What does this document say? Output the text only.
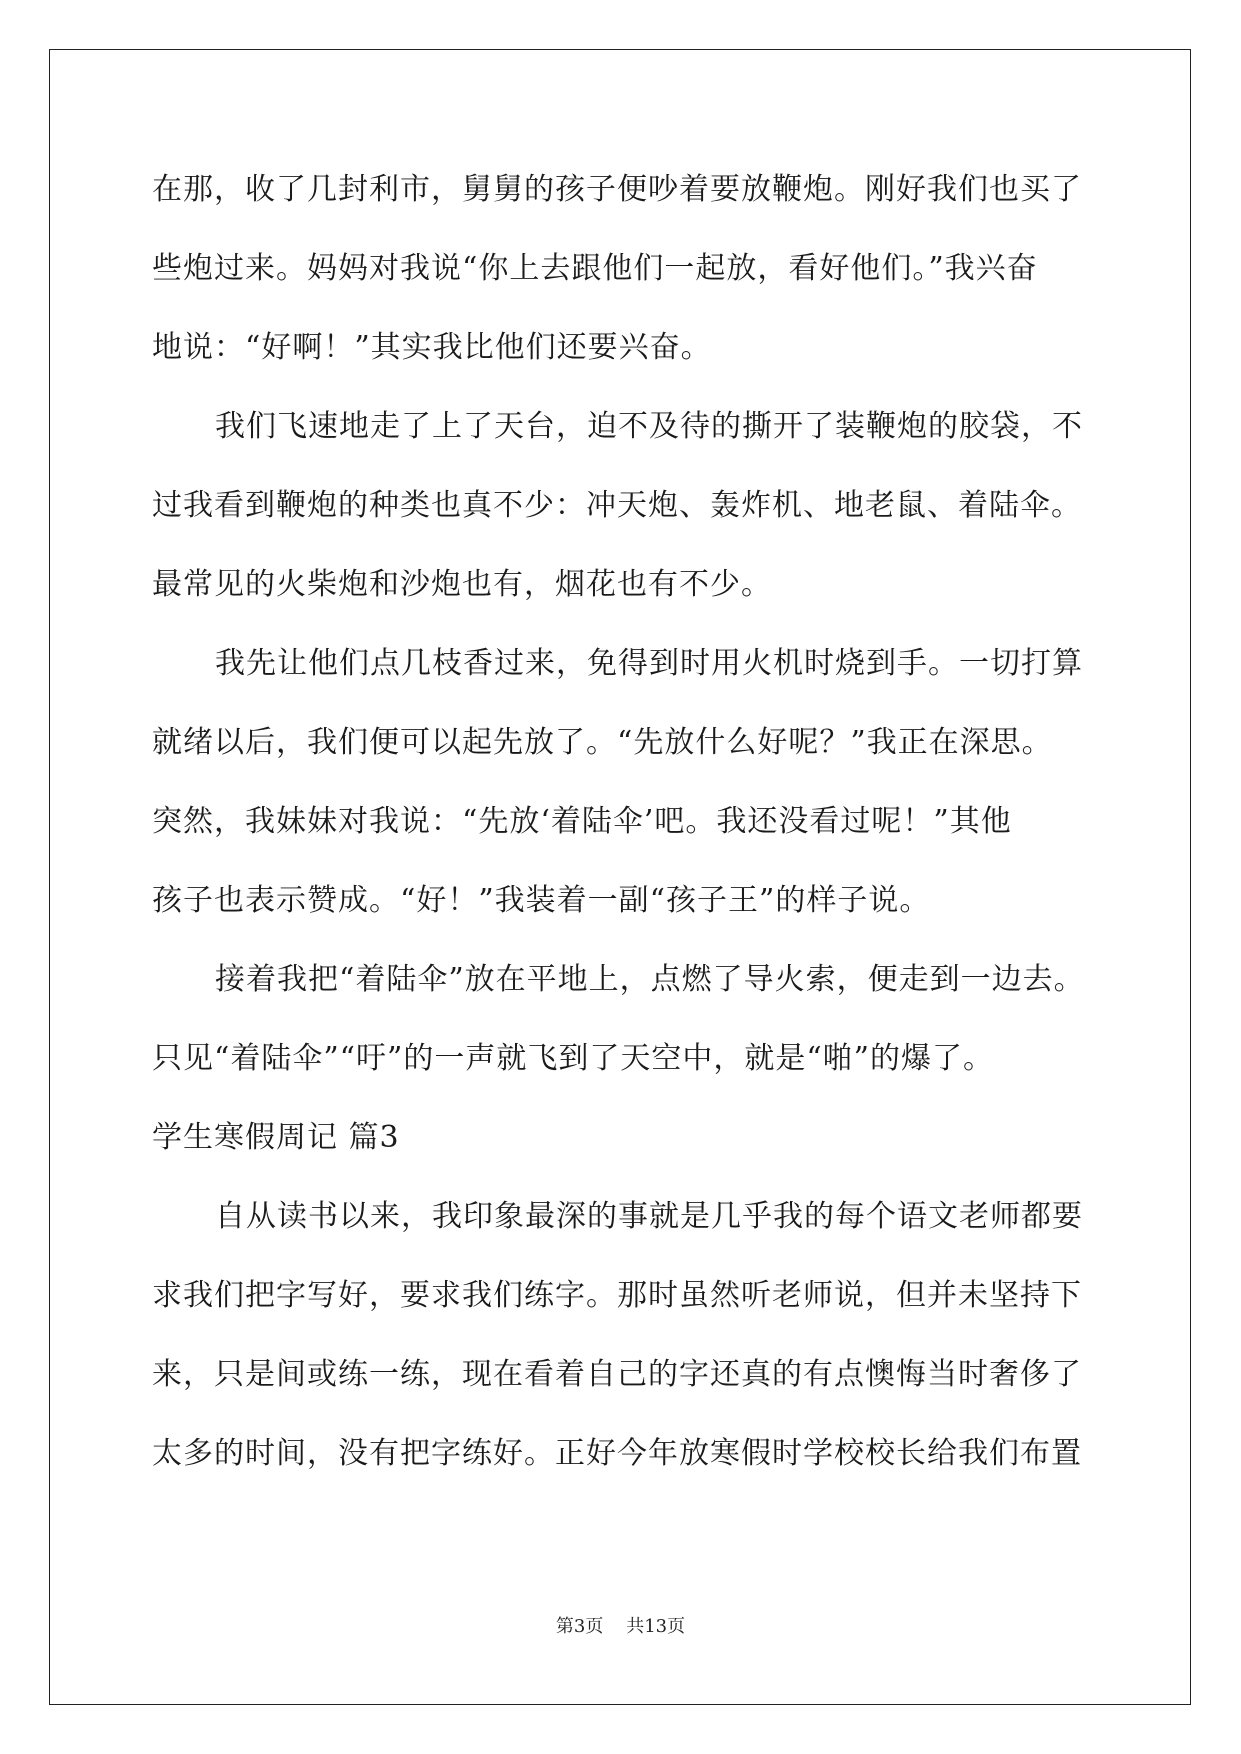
在那，收了几封利市，舅舅的孩子便吵着要放鞭炮。刚好我们也买了
些炮过来。妈妈对我说“你上去跟他们一起放，看好他们。”我兴奋
地说：“好啊！”其实我比他们还要兴奋。
我们飞速地走了上了天台，迫不及待的撕开了装鞭炮的胶袋，不
过我看到鞭炮的种类也真不少：冲天炮、轰炸机、地老鼠、着陆伞。
最常见的火柴炮和沙炮也有，烟花也有不少。
我先让他们点几枝香过来，免得到时用火机时烧到手。一切打算
就绪以后，我们便可以起先放了。“先放什么好呢？”我正在深思。
突然，我妹妹对我说：“先放‘着陆伞’吧。我还没看过呢！”其他
孩子也表示赞成。“好！”我装着一副“孩子王”的样子说。
接着我把“着陆伞”放在平地上，点燃了导火索，便走到一边去。
只见“着陆伞”“吁”的一声就飞到了天空中，就是“啪”的爆了。
学生寒假周记 篇3
自从读书以来，我印象最深的事就是几乎我的每个语文老师都要
求我们把字写好，要求我们练字。那时虽然听老师说，但并未坚持下
来，只是间或练一练，现在看着自己的字还真的有点懊悔当时奢侈了
太多的时间，没有把字练好。正好今年放寒假时学校校长给我们布置
第3页 共13页
